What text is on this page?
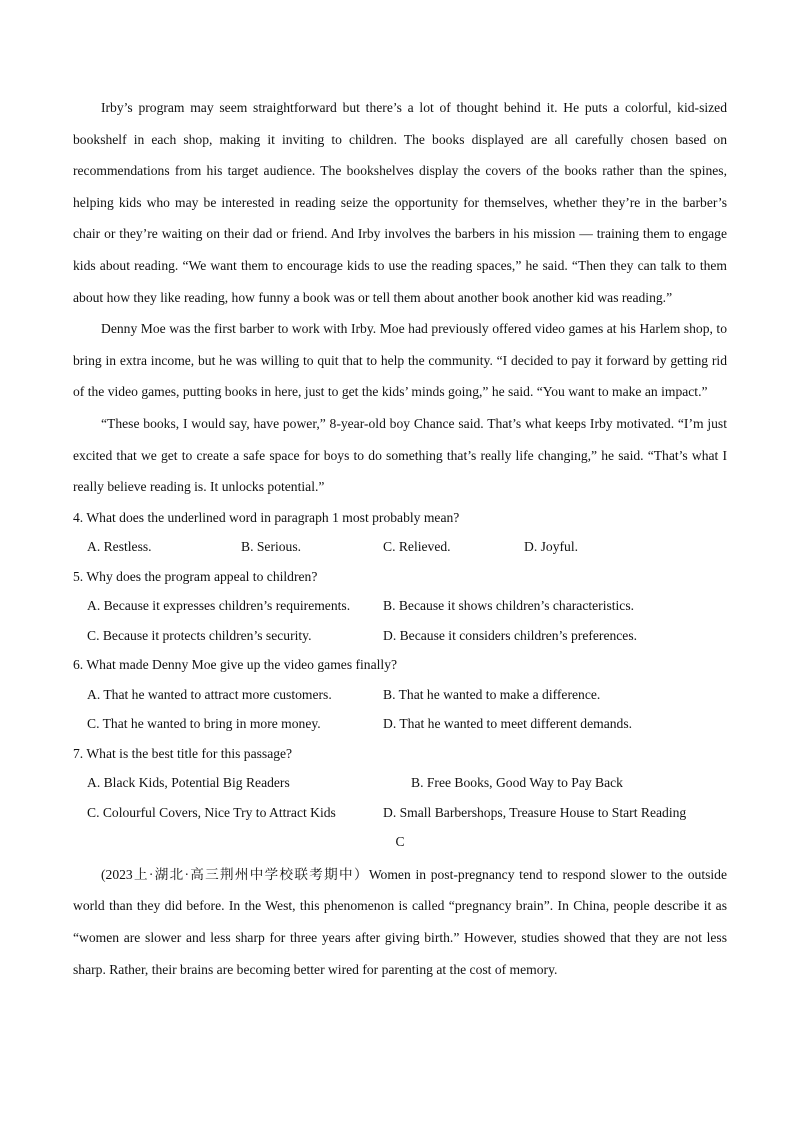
Irby’s program may seem straightforward but there’s a lot of thought behind it. He puts a colorful, kid-sized bookshelf in each shop, making it inviting to children. The books displayed are all carefully chosen based on recommendations from his target audience. The bookshelves display the covers of the books rather than the spines, helping kids who may be interested in reading seize the opportunity for themselves, whether they’re in the barber’s chair or they’re waiting on their dad or friend. And Irby involves the barbers in his mission — training them to engage kids about reading. “We want them to encourage kids to use the reading spaces,” he said. “Then they can talk to them about how they like reading, how funny a book was or tell them about another book another kid was reading.”

Denny Moe was the first barber to work with Irby. Moe had previously offered video games at his Harlem shop, to bring in extra income, but he was willing to quit that to help the community. “I decided to pay it forward by getting rid of the video games, putting books in here, just to get the kids’ minds going,” he said. “You want to make an impact.”

“These books, I would say, have power,” 8-year-old boy Chance said. That’s what keeps Irby motivated. “I’m just excited that we get to create a safe space for boys to do something that’s really life changing,” he said. “That’s what I really believe reading is. It unlocks potential.”

4. What does the underlined word in paragraph 1 most probably mean?

A. Restless.	B. Serious.	C. Relieved.	D. Joyful.

5. Why does the program appeal to children?

A. Because it expresses children’s requirements. B. Because it shows children’s characteristics.
C. Because it protects children’s security.	D. Because it considers children’s preferences.

6. What made Denny Moe give up the video games finally?

A. That he wanted to attract more customers.	B. That he wanted to make a difference.
C. That he wanted to bring in more money.	D. That he wanted to meet different demands.

7. What is the best title for this passage?

A. Black Kids, Potential Big Readers	B. Free Books, Good Way to Pay Back
C. Colourful Covers, Nice Try to Attract Kids	D. Small Barbershops, Treasure House to Start Reading

C

(2023上·湖北·高三荆州中学校联考期中）Women in post-pregnancy tend to respond slower to the outside world than they did before. In the West, this phenomenon is called “pregnancy brain”. In China, people describe it as “women are slower and less sharp for three years after giving birth.” However, studies showed that they are not less sharp. Rather, their brains are becoming better wired for parenting at the cost of memory.
